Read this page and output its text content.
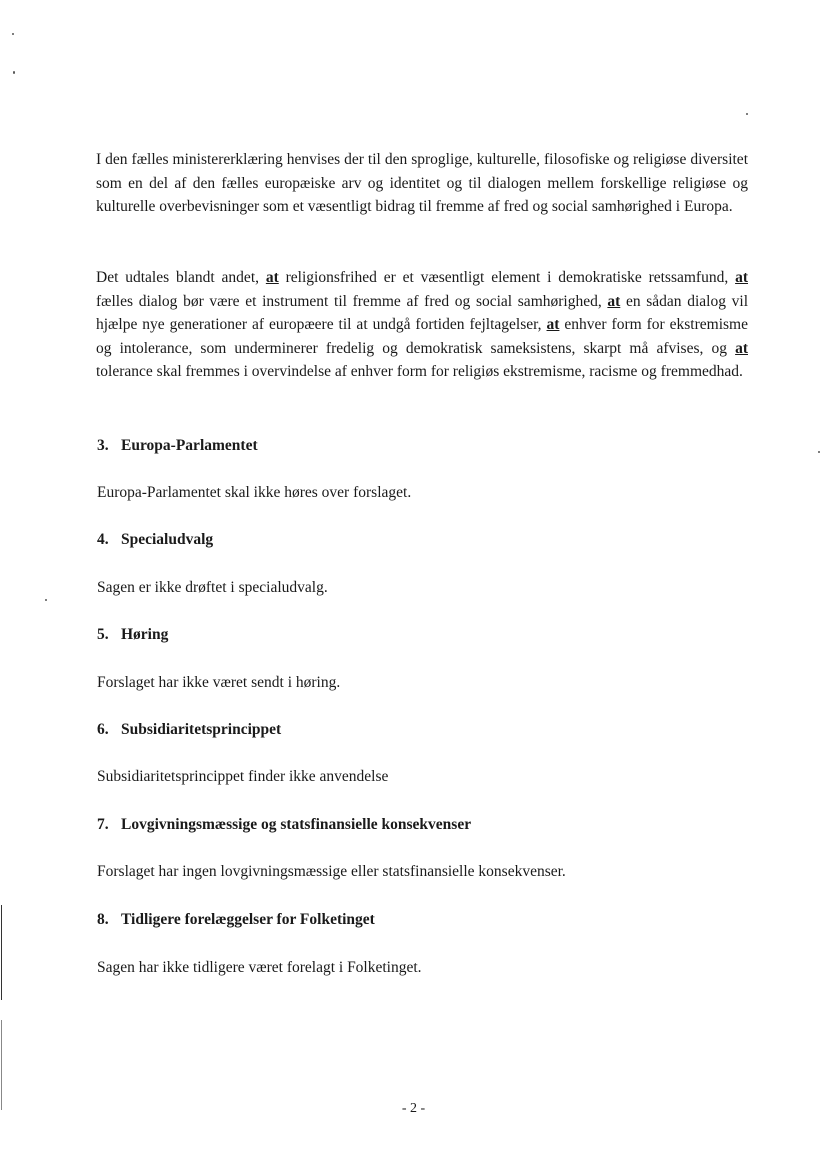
I den fælles ministererklæring henvises der til den sproglige, kulturelle, filosofiske og religiøse diversitet som en del af den fælles europæiske arv og identitet og til dialogen mellem forskellige religiøse og kulturelle overbevisninger som et væsentligt bidrag til fremme af fred og social samhørighed i Europa.

Det udtales blandt andet, at religionsfrihed er et væsentligt element i demokratiske retssamfund, at fælles dialog bør være et instrument til fremme af fred og social samhørighed, at en sådan dialog vil hjælpe nye generationer af europæere til at undgå fortiden fejltagelser, at enhver form for ekstremisme og intolerance, som underminerer fredelig og demokratisk sameksistens, skarpt må afvises, og at tolerance skal fremmes i overvindelse af enhver form for religiøs ekstremisme, racisme og fremmedhad.

3. Europa-Parlamentet
Europa-Parlamentet skal ikke høres over forslaget.
4. Specialudvalg
Sagen er ikke drøftet i specialudvalg.
5. Høring
Forslaget har ikke været sendt i høring.
6. Subsidiaritetsprincippet
Subsidiaritetsprincippet finder ikke anvendelse
7. Lovgivningsmæssige og statsfinansielle konsekvenser
Forslaget har ingen lovgivningsmæssige eller statsfinansielle konsekvenser.
8. Tidligere forelæggelser for Folketinget
Sagen har ikke tidligere været forelagt i Folketinget.
- 2 -
